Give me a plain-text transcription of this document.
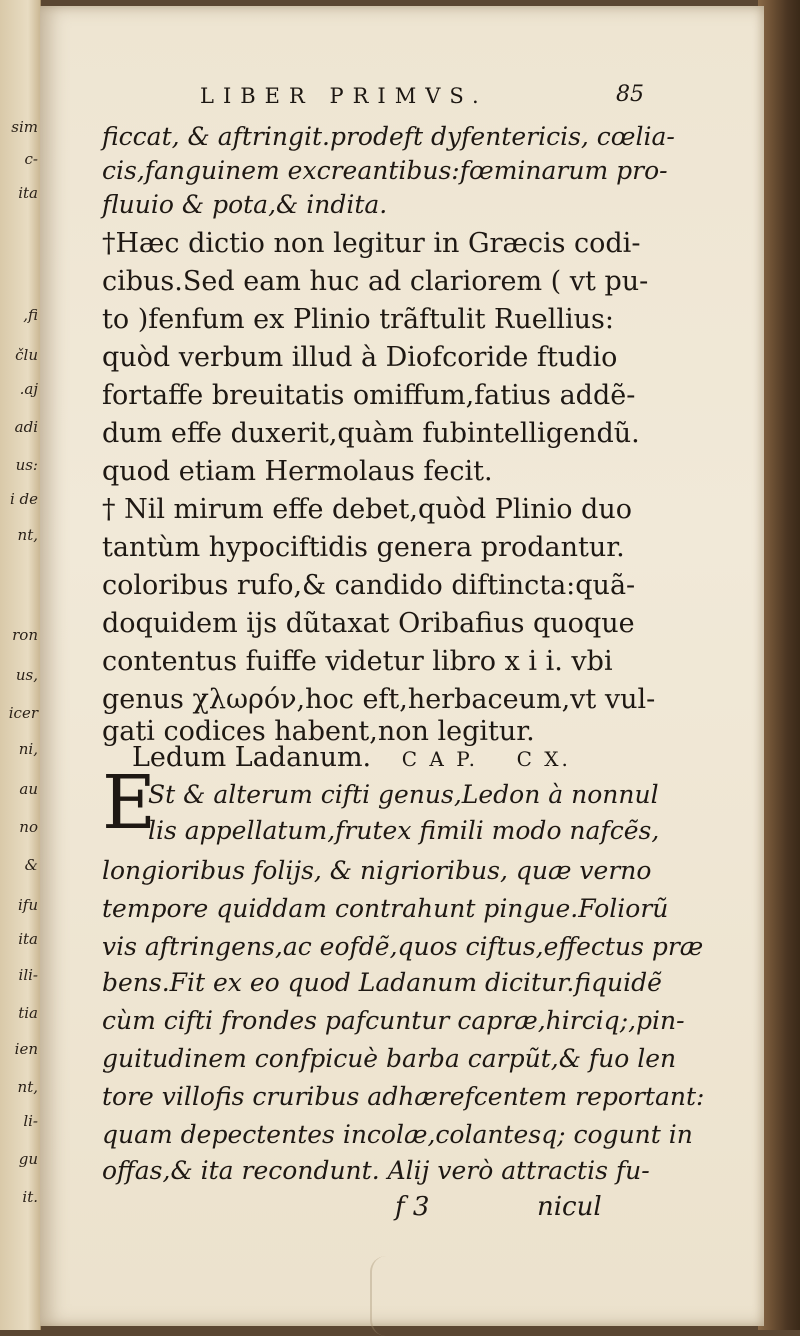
sim
c-
ita
,fi
člu
.aj
adi
us:
i de
nt,
ron
us,
icer
ni,
au
no
&
ifu
ita
ili-
tia
ien
nt,
li-
gu
it.
LIBER PRIMVS.	85
ficcat, & aftringit.prodeft dyfentericis, cœlia-
cis,fanguinem excreantibus:fœminarum pro-
fluuio & pota,& indita.
†Hæc dictio non legitur in Græcis codi-
cibus.Sed eam huc ad clariorem ( vt pu-
to )fenfum ex Plinio trãftulit Ruellius:
quòd verbum illud à Diofcoride ftudio
fortaffe breuitatis omiffum,fatius addẽ-
dum effe duxerit,quàm fubintelligendũ.
quod etiam Hermolaus fecit.
† Nil mirum effe debet,quòd Plinio duo
tantùm hypociftidis genera prodantur.
coloribus rufo,& candido diftincta:quã-
doquidem ijs dũtaxat Oribafius quoque
contentus fuiffe videtur libro x i i. vbi
genus χλωρόν,hoc eft,herbaceum,vt vul-
gati codices habent,non legitur.
Ledum Ladanum. C A P. C X.
E
St & alterum cifti genus,Ledon à nonnul
lis appellatum,frutex fimili modo nafcẽs,
longioribus folijs, & nigrioribus, quæ verno
tempore quiddam contrahunt pingue.Foliorũ
vis aftringens,ac eofdẽ,quos ciftus,effectus præ
bens.Fit ex eo quod Ladanum dicitur.fiquidẽ
cùm cifti frondes pafcuntur capræ,hirciq;,pin-
guitudinem confpicuè barba carpũt,& fuo len
tore villofis cruribus adhærefcentem reportant:
quam depectentes incolæ,colantesq; cogunt in
offas,& ita recondunt. Alij verò attractis fu-
f 3	nicul
